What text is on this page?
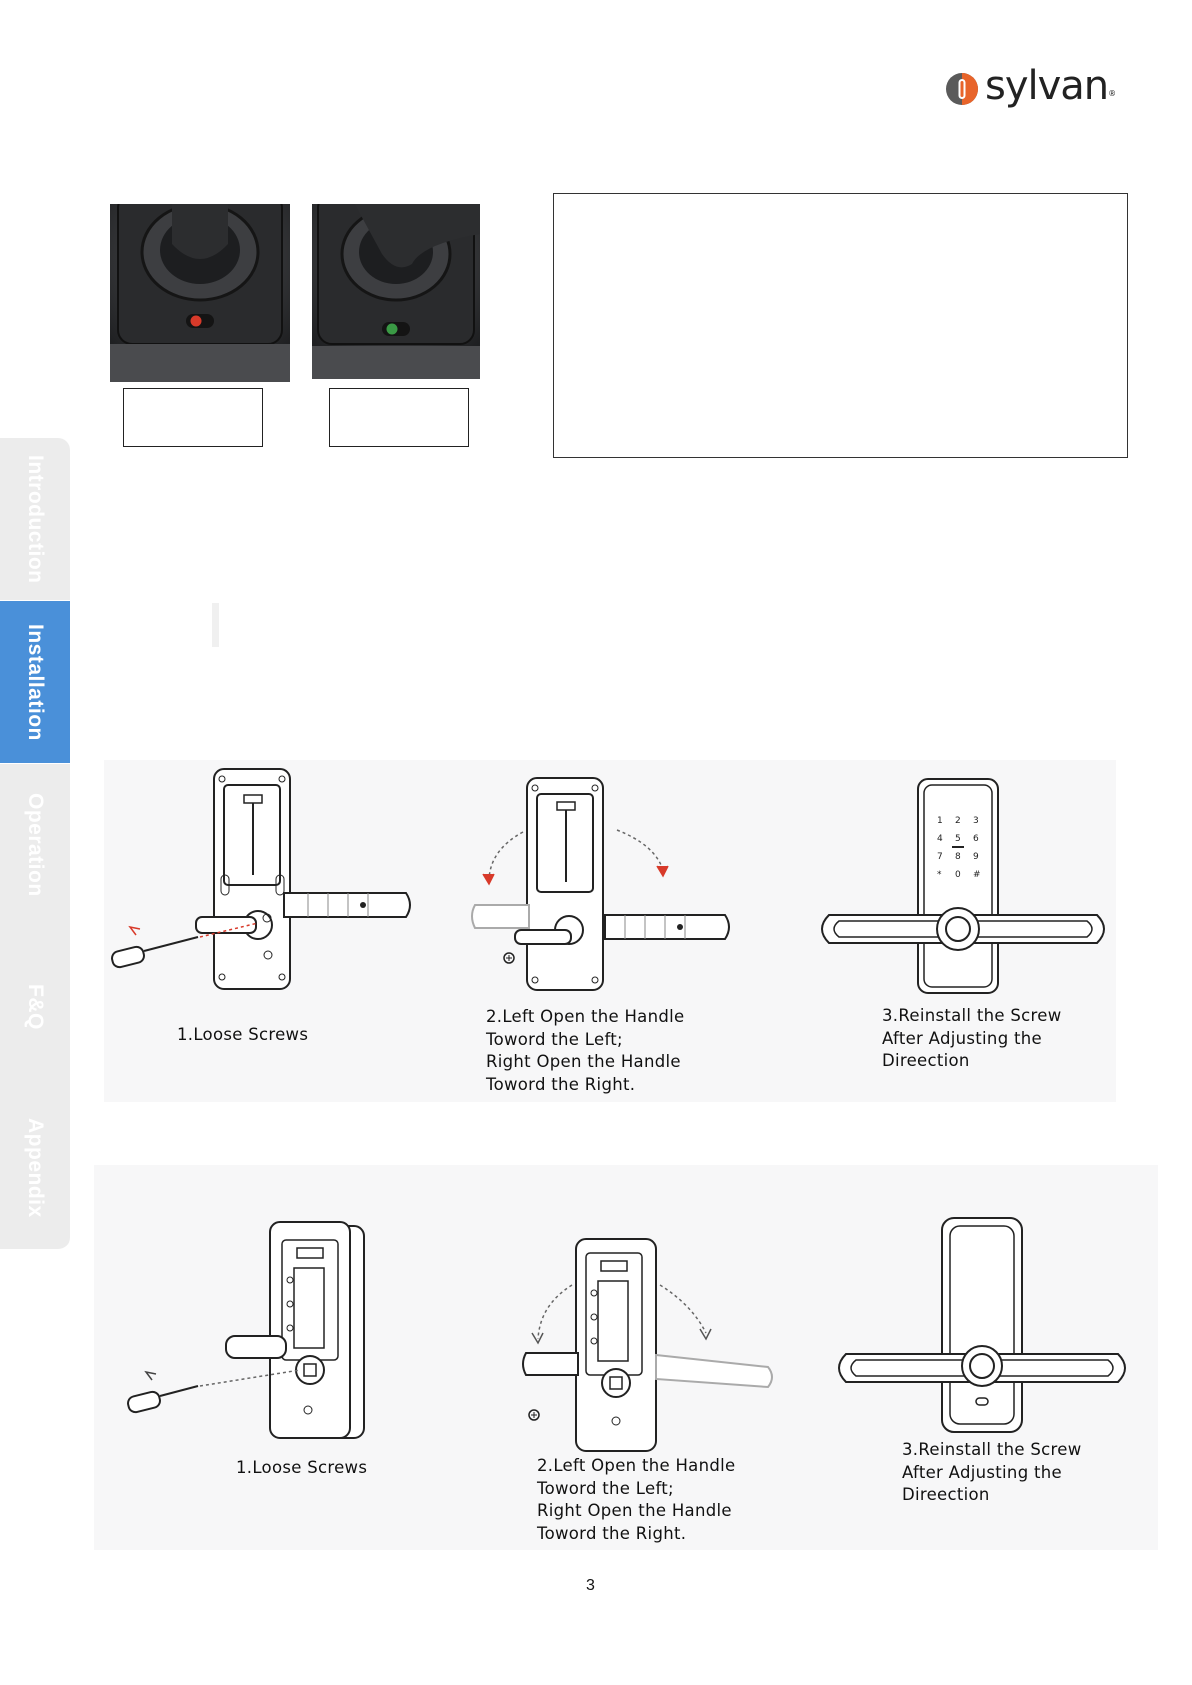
sylvan®
Introduction
Installation
Operation
F&Q
Appendix
1.Loose Screws
2.Left Open the Handle
Toword the Left;
Right Open the Handle
Toword the Right.
1 2 3
4 5 6
7 8 9
* 0 #
3.Reinstall the Screw
After Adjusting the
Direection
1.Loose Screws	2.Left Open the Handle
Toword the Left;
Right Open the Handle
Toword the Right.
3.Reinstall the Screw
After Adjusting the
Direection
3
